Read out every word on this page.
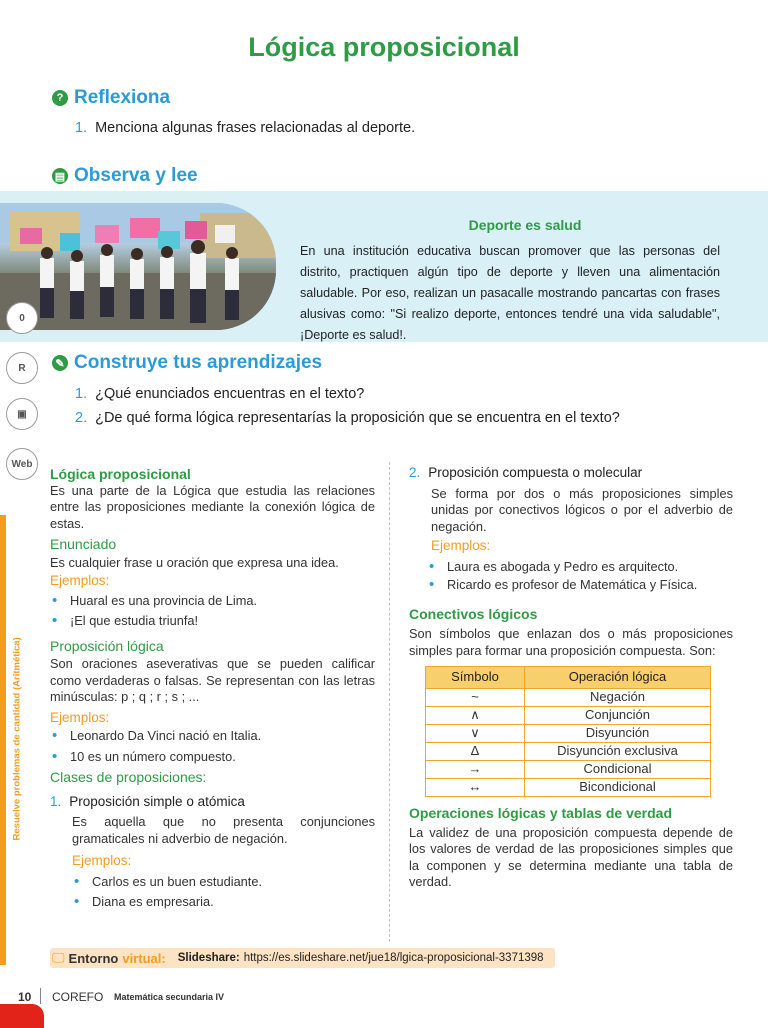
Lógica proposicional
? Reflexiona
1. Menciona algunas frases relacionadas al deporte.
▤ Observa y lee
Deporte es salud
En una institución educativa buscan promover que las personas del distrito, practiquen algún tipo de deporte y lleven una alimentación saludable. Por eso, realizan un pasacalle mostrando pancartas con frases alusivas como: "Si realizo deporte, entonces tendré una vida saludable", ¡Deporte es salud!.
0
R
▣
Web
Resuelve problemas de cantidad (Aritmética)
✎ Construye tus aprendizajes
1. ¿Qué enunciados encuentras en el texto?
2. ¿De qué forma lógica representarías la proposición que se encuentra en el texto?
Lógica proposicional
Es una parte de la Lógica que estudia las relaciones entre las proposiciones mediante la conexión lógica de estas.
Enunciado
Es cualquier frase u oración que expresa una idea.
Ejemplos:
• Huaral es una provincia de Lima.
• ¡El que estudia triunfa!
Proposición lógica
Son oraciones aseverativas que se pueden calificar como verdaderas o falsas. Se representan con las letras minúsculas: p ; q ; r ; s ; ...
Ejemplos:
• Leonardo Da Vinci nació en Italia.
• 10 es un número compuesto.
Clases de proposiciones:
1. Proposición simple o atómica
Es aquella que no presenta conjunciones gramaticales ni adverbio de negación.
Ejemplos:
• Carlos es un buen estudiante.
• Diana es empresaria.
2. Proposición compuesta o molecular
Se forma por dos o más proposiciones simples unidas por conectivos lógicos o por el adverbio de negación.
Ejemplos:
• Laura es abogada y Pedro es arquitecto.
• Ricardo es profesor de Matemática y Física.
Conectivos lógicos
Son símbolos que enlazan dos o más proposiciones simples para formar una proposición compuesta. Son:
Símbolo	Operación lógica
~	Negación
∧	Conjunción
∨	Disyunción
Δ	Disyunción exclusiva
→	Condicional
↔	Bicondicional
Operaciones lógicas y tablas de verdad
La validez de una proposición compuesta depende de los valores de verdad de las proposiciones simples que la componen y se determina mediante una tabla de verdad.
🖵 Entorno virtual: Slideshare: https://es.slideshare.net/jue18/lgica-proposicional-3371398
10 COREFO Matemática secundaria IV
